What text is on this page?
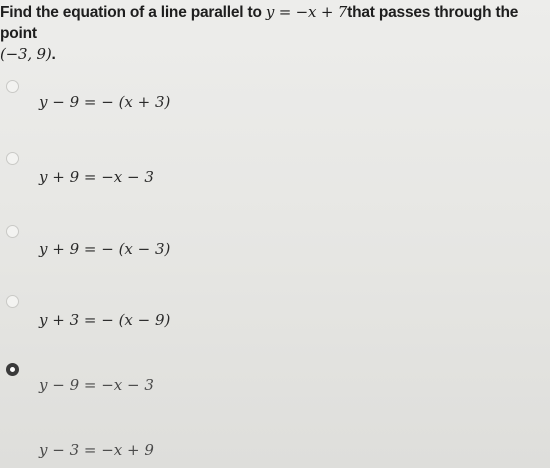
Find the equation of a line parallel to y = −x + 7that passes through the point
(−3, 9).
y − 9 = − (x + 3)
y + 9 = −x − 3
y + 9 = − (x − 3)
y + 3 = − (x − 9)
y − 9 = −x − 3
y − 3 = −x + 9
